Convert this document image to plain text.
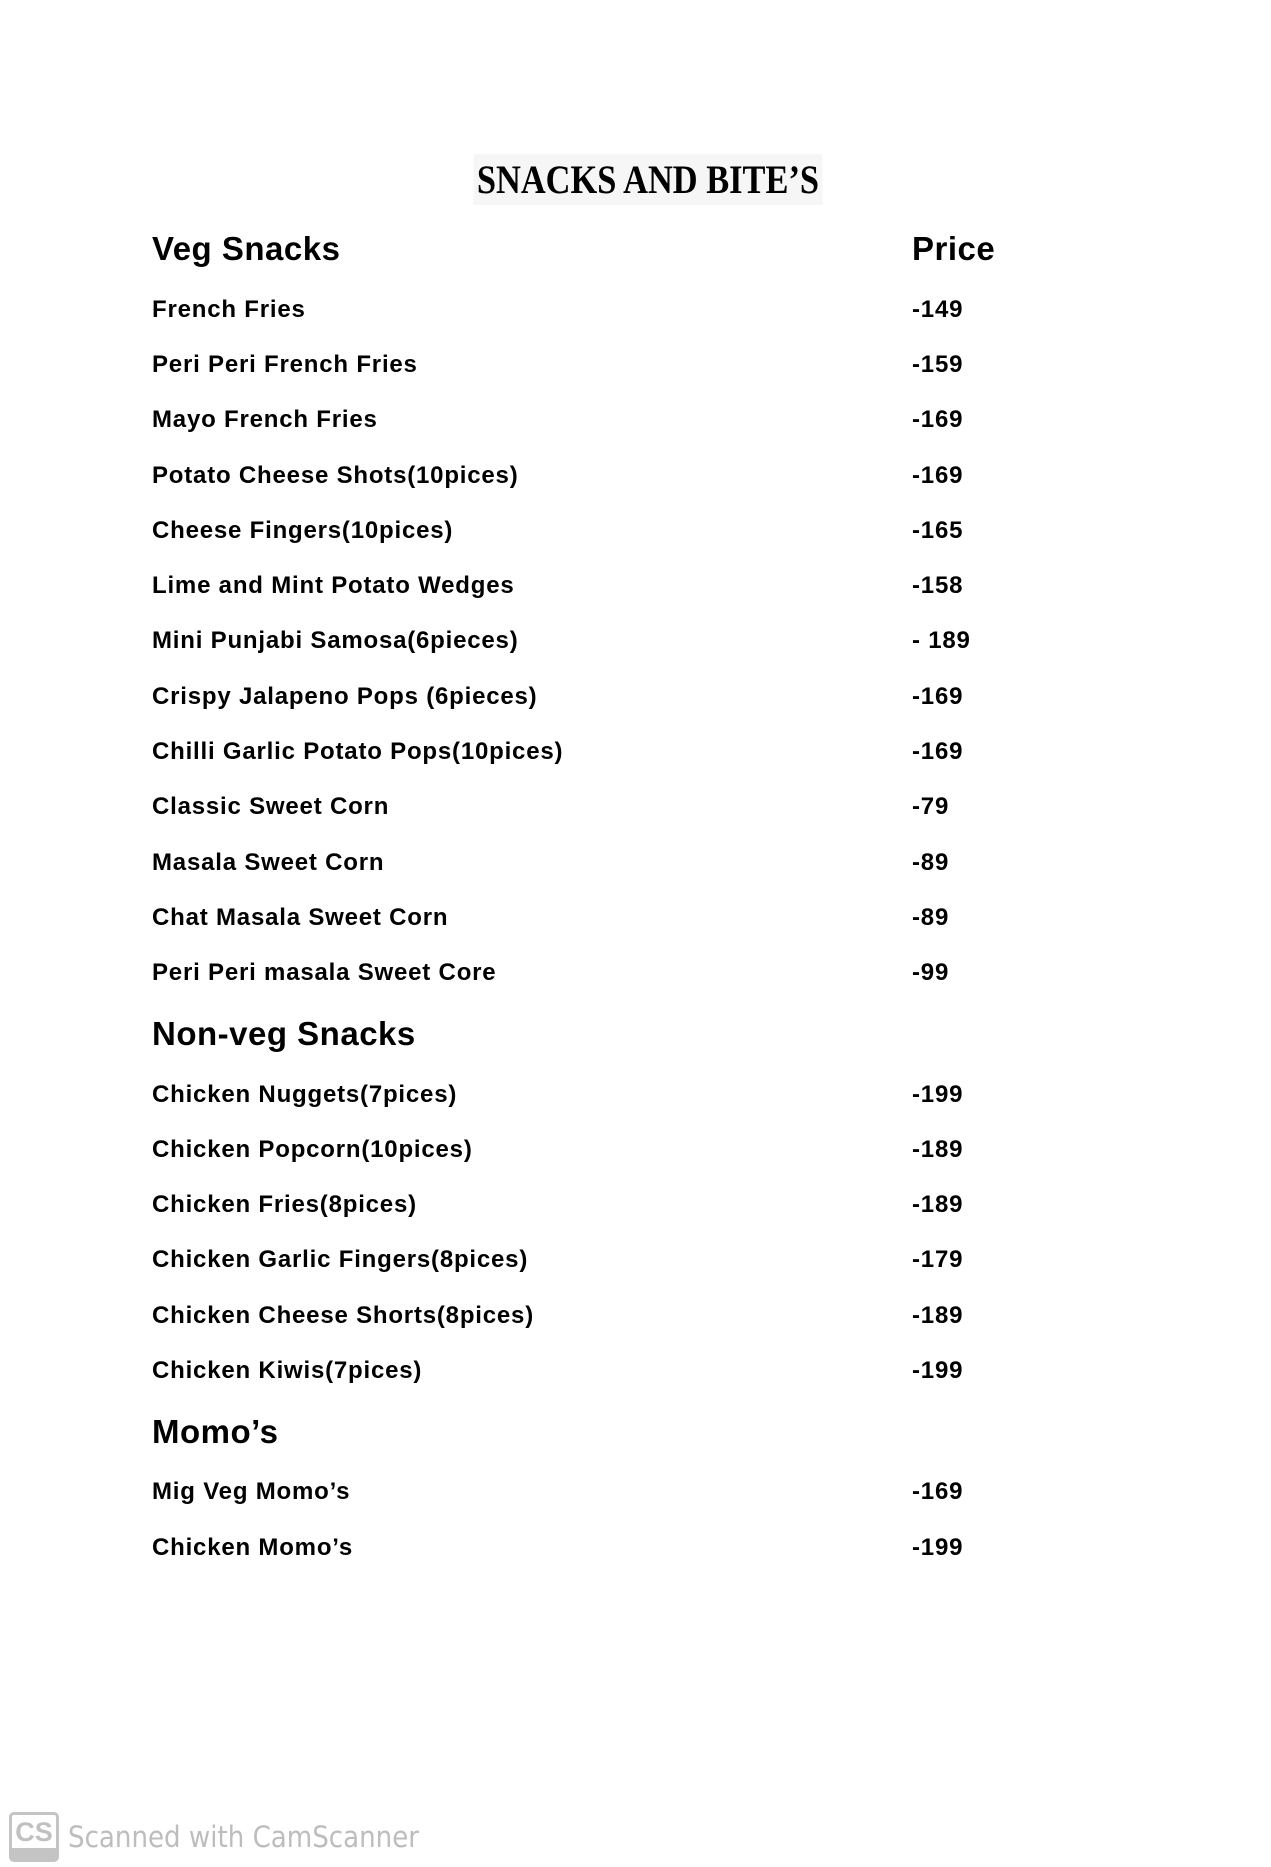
SNACKS AND BITE’S
Veg Snacks	Price
French Fries	-149
Peri Peri French Fries	-159
Mayo French Fries	-169
Potato Cheese Shots(10pices)	-169
Cheese Fingers(10pices)	-165
Lime and Mint Potato Wedges	-158
Mini Punjabi Samosa(6pieces)	- 189
Crispy Jalapeno Pops (6pieces)	-169
Chilli Garlic Potato Pops(10pices)	-169
Classic Sweet Corn	-79
Masala Sweet Corn	-89
Chat Masala Sweet Corn	-89
Peri Peri masala Sweet Core	-99
Non-veg Snacks
Chicken Nuggets(7pices)	-199
Chicken Popcorn(10pices)	-189
Chicken Fries(8pices)	-189
Chicken Garlic Fingers(8pices)	-179
Chicken Cheese Shorts(8pices)	-189
Chicken Kiwis(7pices)	-199
Momo’s
Mig Veg Momo’s	-169
Chicken Momo’s	-199
CS Scanned with CamScanner
